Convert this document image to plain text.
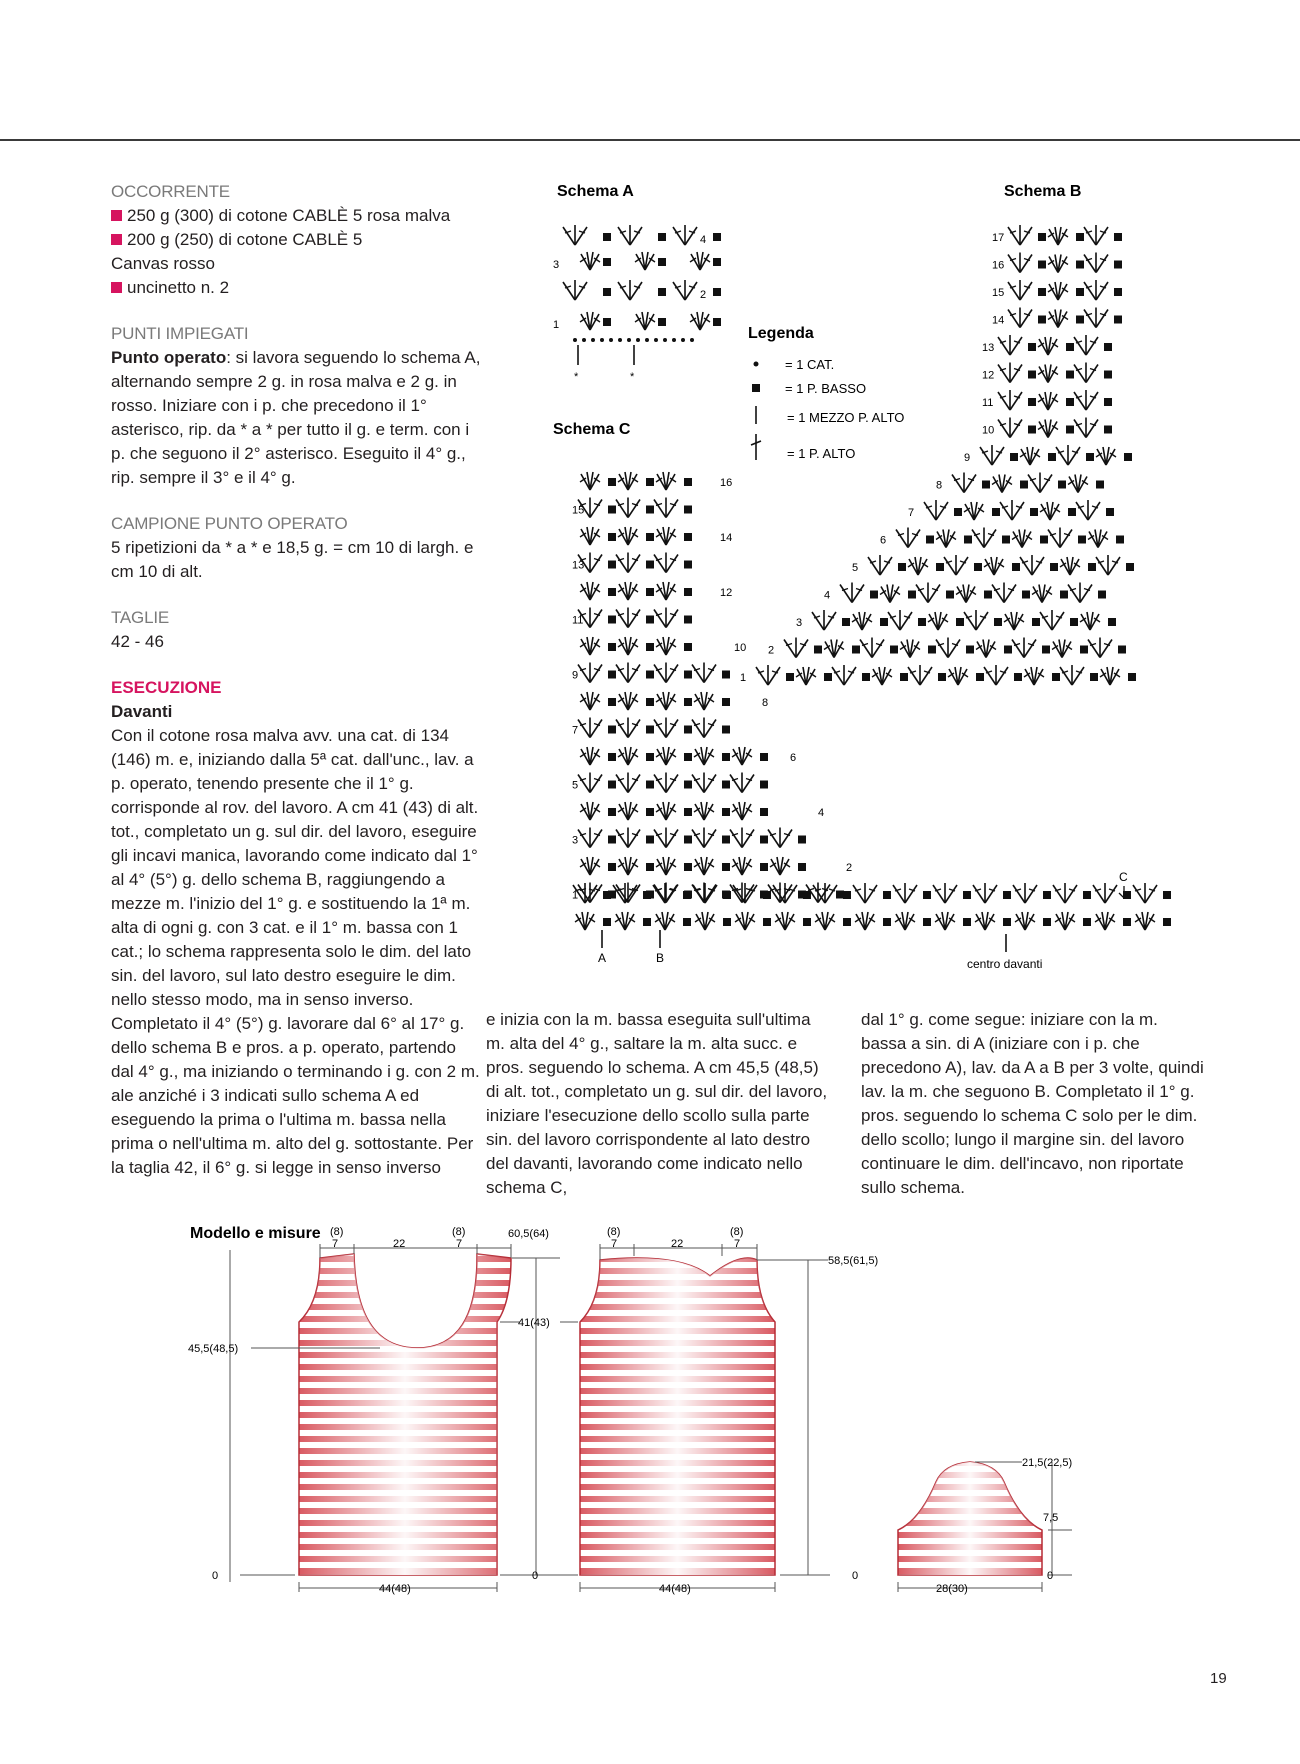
OCCORRENTE

250 g (300) di cotone CABLÈ 5 rosa malva

200 g (250) di cotone CABLÈ 5

Canvas rosso

uncinetto n. 2

PUNTI IMPIEGATI

Punto operato: si lavora seguendo lo schema A, alternando sempre 2 g. in rosa malva e 2 g. in rosso. Iniziare con i p. che precedono il 1° asterisco, rip. da * a * per tutto il g. e term. con i p. che seguono il 2° asterisco. Eseguito il 4° g., rip. sempre il 3° e il 4° g.

CAMPIONE PUNTO OPERATO

5 ripetizioni da * a * e 18,5 g. = cm 10 di largh. e cm 10 di alt.

TAGLIE

42 - 46

ESECUZIONE

Davanti

Con il cotone rosa malva avv. una cat. di 134 (146) m. e, iniziando dalla 5ª cat. dall'unc., lav. a p. operato, tenendo presente che il 1° g. corrisponde al rov. del lavoro. A cm 41 (43) di alt. tot., completato un g. sul dir. del lavoro, eseguire gli incavi manica, lavorando come indicato dal 1° al 4° (5°) g. dello schema B, raggiungendo a mezze m. l'inizio del 1° g. e sostituendo la 1ª m. alta di ogni g. con 3 cat. e il 1° m. bassa con 1 cat.; lo schema rappresenta solo le dim. del lato sin. del lavoro, sul lato destro eseguire le dim. nello stesso modo, ma in senso inverso. Completato il 4° (5°) g. lavorare dal 6° al 17° g. dello schema B e pros. a p. operato, partendo dal 4° g., ma iniziando o terminando i g. con 2 m. ale anziché i 3 indicati sullo schema A ed eseguendo la prima o l'ultima m. bassa nella prima o nell'ultima m. alto del g. sottostante. Per la taglia 42, il 6° g. si legge in senso inverso

e inizia con la m. bassa eseguita sull'ultima m. alta del 4° g., saltare la m. alta succ. e pros. seguendo lo schema. A cm 45,5 (48,5) di alt. tot., completato un g. sul dir. del lavoro, iniziare l'esecuzione dello scollo sulla parte sin. del lavoro corrispondente al lato destro del davanti, lavorando come indicato nello schema C,

dal 1° g. come segue: iniziare con la m. bassa a sin. di A (iniziare con i p. che precedono A), lav. da A a B per 3 volte, quindi lav. la m. che seguono B. Completato il 1° g. pros. seguendo lo schema C solo per le dim. dello scollo; lungo il margine sin. del lavoro continuare le dim. dell'incavo, non riportate sullo schema.

Schema A	Schema B
Schema C
4
3
2
1
*	*
17
16
15
14
13
12
11
10
9
8
7
6
5
4
3
2
1
16
15
14
13
12
11
10
9
8
7
6
5
4
3
2
1
Legenda
= 1 CAT.
= 1 P. BASSO
= 1 MEZZO P. ALTO
= 1 P. ALTO
A	B
C
centro davanti
Modello e misure (8)
7	22
(8)
7
45,5(48,5)
0
44(48)
60,5(64)
41(43)
0
(8)
7	22
(8)
7
58,5(61,5)
0
44(48)
21,5(22,5)
7,5
0
28(30)
19
